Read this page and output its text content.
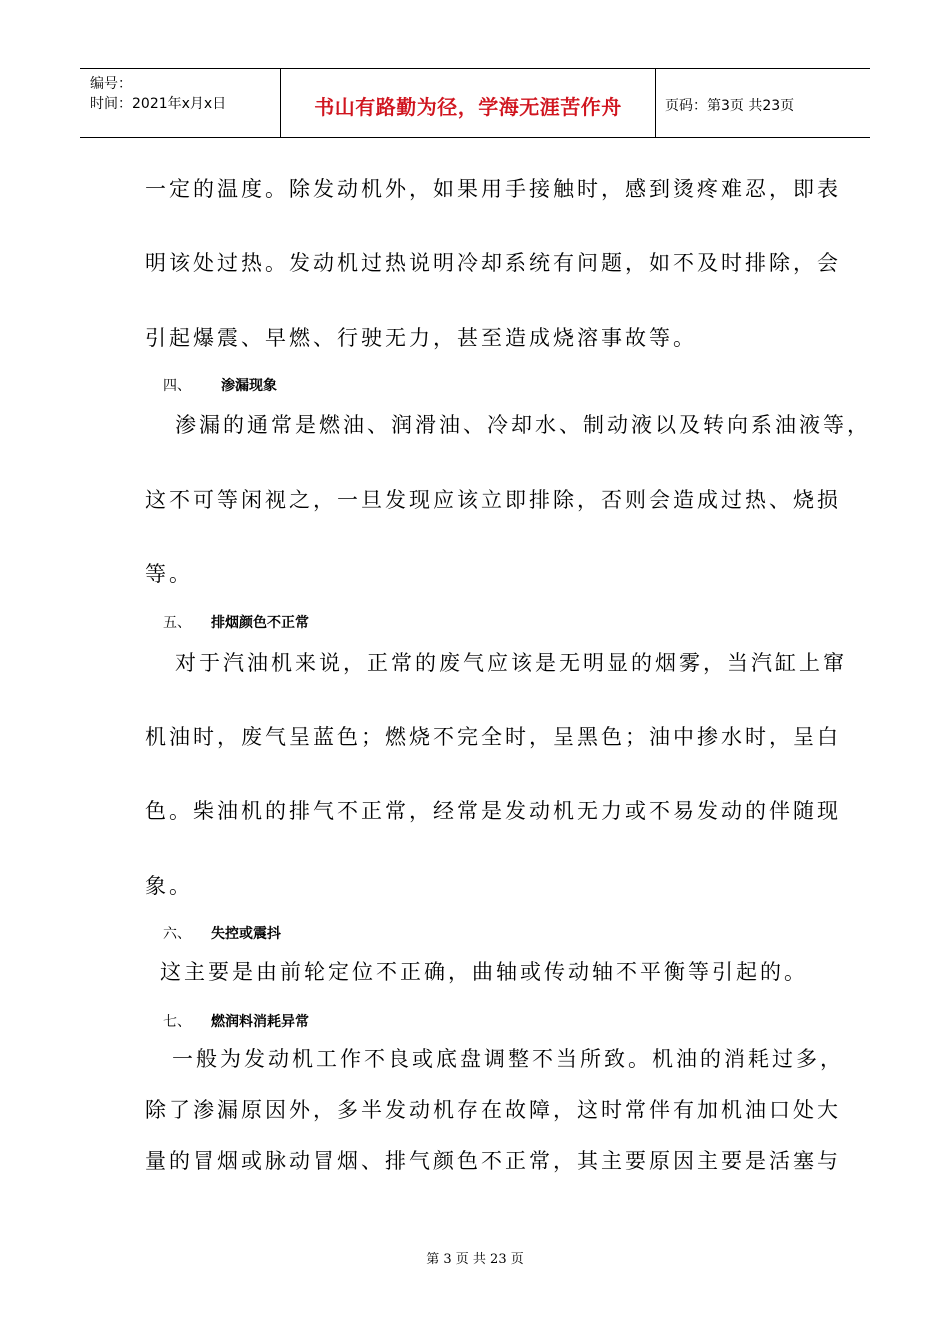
编号：
时间：2021年x月x日	书山有路勤为径，学海无涯苦作舟	页码：第3页 共23页
一定的温度。除发动机外，如果用手接触时，感到烫疼难忍，即表
明该处过热。发动机过热说明冷却系统有问题，如不及时排除，会
引起爆震、早燃、行驶无力，甚至造成烧溶事故等。
四、 渗漏现象
渗漏的通常是燃油、润滑油、冷却水、制动液以及转向系油液等，
这不可等闲视之，一旦发现应该立即排除，否则会造成过热、烧损
等。
五、 排烟颜色不正常
对于汽油机来说，正常的废气应该是无明显的烟雾，当汽缸上窜
机油时，废气呈蓝色；燃烧不完全时，呈黑色；油中掺水时，呈白
色。柴油机的排气不正常，经常是发动机无力或不易发动的伴随现
象。
六、 失控或震抖
这主要是由前轮定位不正确，曲轴或传动轴不平衡等引起的。
七、 燃润料消耗异常
一般为发动机工作不良或底盘调整不当所致。机油的消耗过多，
除了渗漏原因外，多半发动机存在故障，这时常伴有加机油口处大
量的冒烟或脉动冒烟、排气颜色不正常，其主要原因主要是活塞与
第 3 页 共 23 页
